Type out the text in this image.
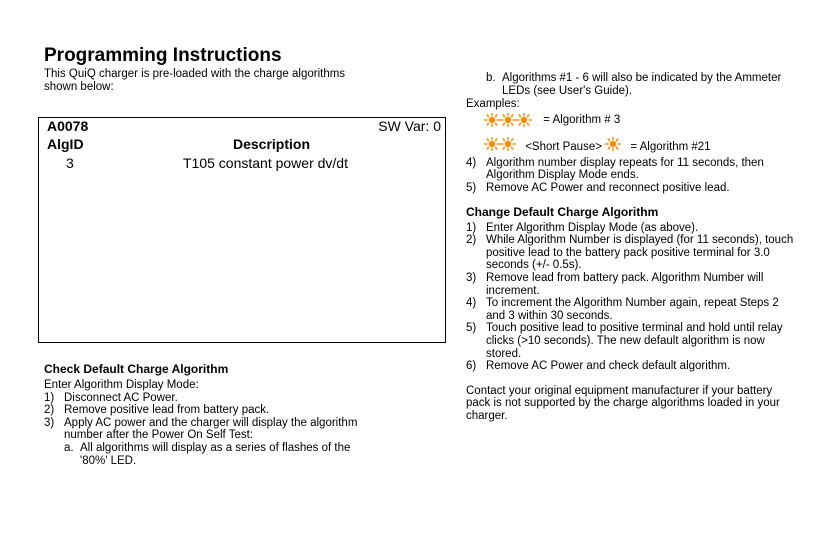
Programming Instructions
This QuiQ charger is pre-loaded with the charge algorithms shown below:
A0078	SW Var: 0
AlgID	Description
3	T105 constant power dv/dt
Check Default Charge Algorithm
Enter Algorithm Display Mode:
1) Disconnect AC Power.
2) Remove positive lead from battery pack.
3) Apply AC power and the charger will display the algorithm number after the Power On Self Test:
a. All algorithms will display as a series of flashes of the '80%' LED.
b. Algorithms #1 - 6 will also be indicated by the Ammeter LEDs (see User's Guide).
Examples:
= Algorithm # 3
<Short Pause> = Algorithm #21
4) Algorithm number display repeats for 11 seconds, then Algorithm Display Mode ends.
5) Remove AC Power and reconnect positive lead.
Change Default Charge Algorithm
1) Enter Algorithm Display Mode (as above).
2) While Algorithm Number is displayed (for 11 seconds), touch positive lead to the battery pack positive terminal for 3.0 seconds (+/- 0.5s).
3) Remove lead from battery pack. Algorithm Number will increment.
4) To increment the Algorithm Number again, repeat Steps 2 and 3 within 30 seconds.
5) Touch positive lead to positive terminal and hold until relay clicks (>10 seconds). The new default algorithm is now stored.
6) Remove AC Power and check default algorithm.
Contact your original equipment manufacturer if your battery pack is not supported by the charge algorithms loaded in your charger.
